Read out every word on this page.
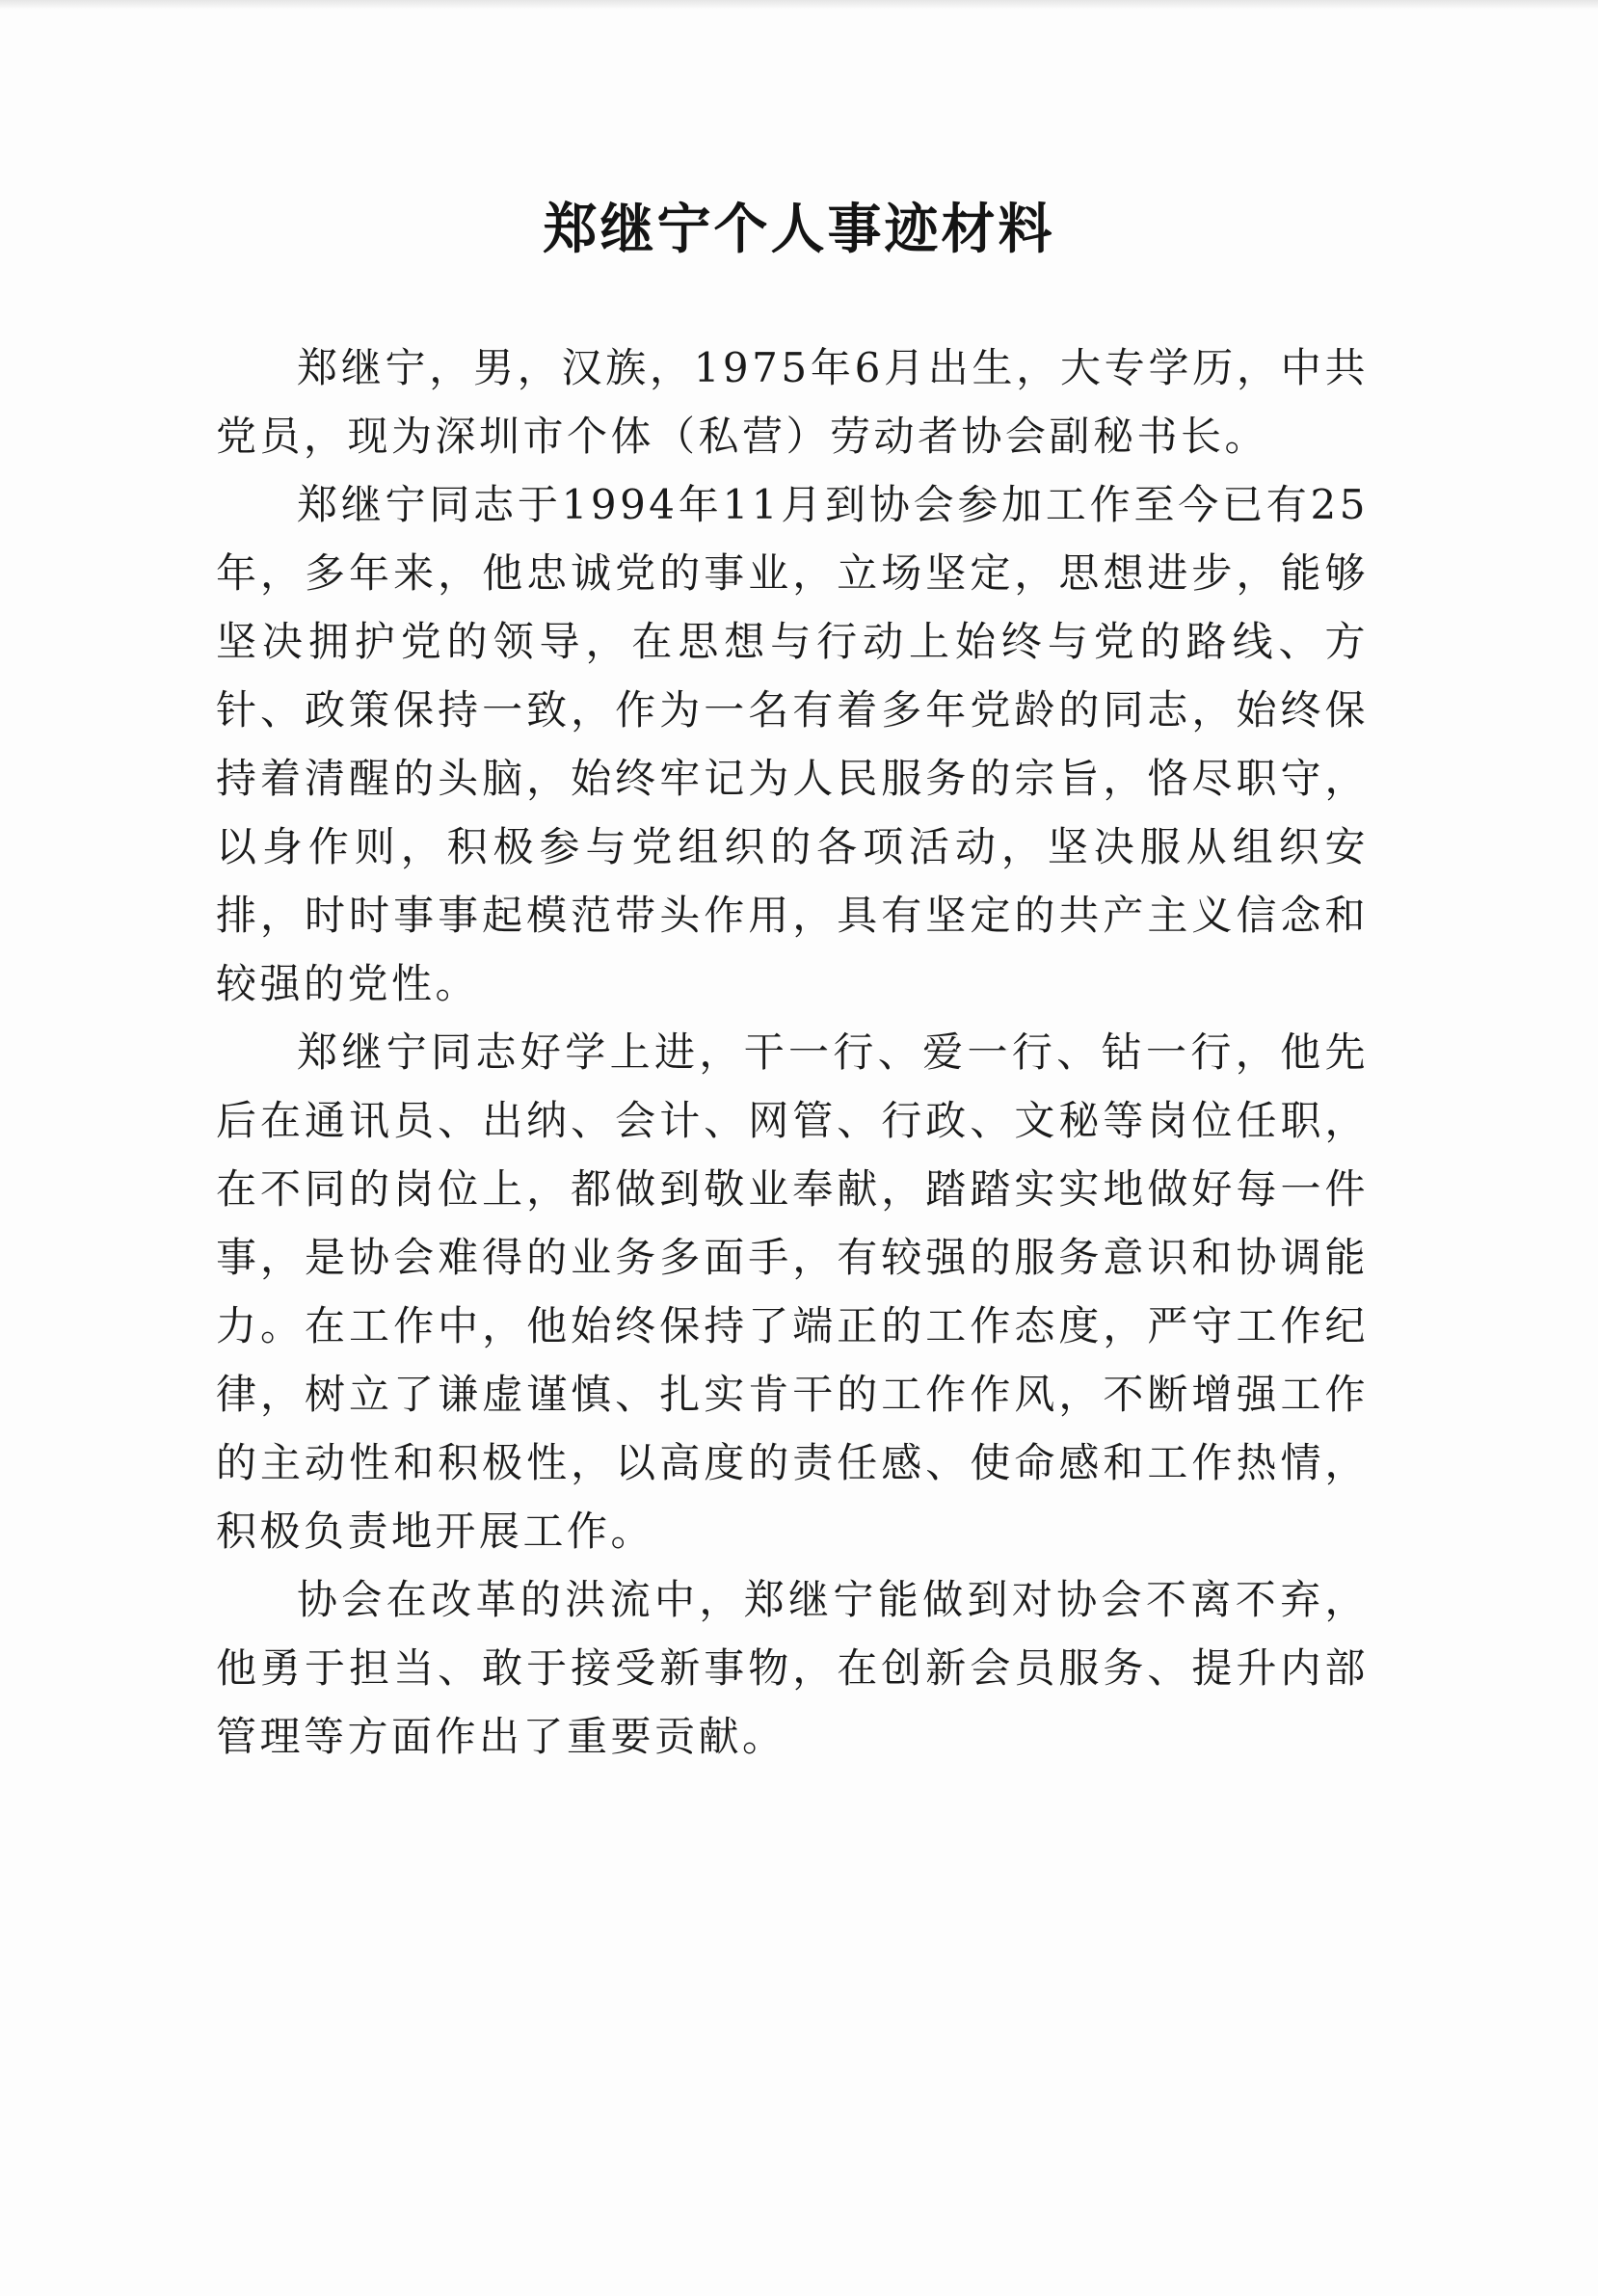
郑继宁个人事迹材料

郑继宁，男，汉族，1975年6月出生，大专学历，中共党员，现为深圳市个体（私营）劳动者协会副秘书长。

郑继宁同志于1994年11月到协会参加工作至今已有25年，多年来，他忠诚党的事业，立场坚定，思想进步，能够坚决拥护党的领导，在思想与行动上始终与党的路线、方针、政策保持一致，作为一名有着多年党龄的同志，始终保持着清醒的头脑，始终牢记为人民服务的宗旨，恪尽职守，以身作则，积极参与党组织的各项活动，坚决服从组织安排，时时事事起模范带头作用，具有坚定的共产主义信念和较强的党性。

郑继宁同志好学上进，干一行、爱一行、钻一行，他先后在通讯员、出纳、会计、网管、行政、文秘等岗位任职，在不同的岗位上，都做到敬业奉献，踏踏实实地做好每一件事，是协会难得的业务多面手，有较强的服务意识和协调能力。在工作中，他始终保持了端正的工作态度，严守工作纪律，树立了谦虚谨慎、扎实肯干的工作作风，不断增强工作的主动性和积极性，以高度的责任感、使命感和工作热情，积极负责地开展工作。

协会在改革的洪流中，郑继宁能做到对协会不离不弃，他勇于担当、敢于接受新事物，在创新会员服务、提升内部管理等方面作出了重要贡献。
